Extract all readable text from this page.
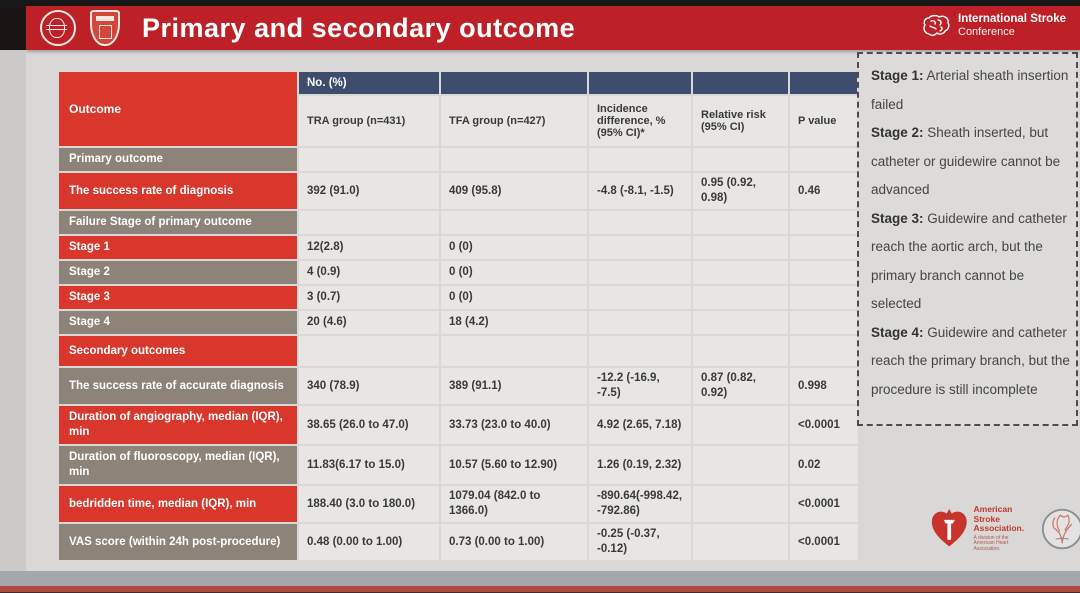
Primary and secondary outcome	International Stroke
Conference
Outcome	No. (%)				
	TRA group (n=431)	TFA group (n=427)	Incidence difference, % (95% CI)*	Relative risk (95% CI)	P value
Primary outcome					
The success rate of diagnosis	392 (91.0)	409 (95.8)	-4.8 (-8.1, -1.5)	0.95 (0.92, 0.98)	0.46
Failure Stage of primary outcome					
Stage 1	12(2.8)	0 (0)			
Stage 2	4 (0.9)	0 (0)			
Stage 3	3 (0.7)	0 (0)			
Stage 4	20 (4.6)	18 (4.2)			
Secondary outcomes					
The success rate of accurate diagnosis	340 (78.9)	389 (91.1)	-12.2 (-16.9, -7.5)	0.87 (0.82, 0.92)	0.998
Duration of angiography, median (IQR), min	38.65 (26.0 to 47.0)	33.73 (23.0 to 40.0)	4.92 (2.65, 7.18)		<0.0001
Duration of fluoroscopy, median (IQR), min	11.83(6.17 to 15.0)	10.57 (5.60 to 12.90)	1.26 (0.19, 2.32)		0.02
bedridden time, median (IQR), min	188.40 (3.0 to 180.0)	1079.04 (842.0 to 1366.0)	-890.64(-998.42, -792.86)		<0.0001
VAS score (within 24h post-procedure)	0.48 (0.00 to 1.00)	0.73 (0.00 to 1.00)	-0.25 (-0.37, -0.12)		<0.0001
Stage 1: Arterial sheath insertion failed
Stage 2: Sheath inserted, but catheter or guidewire cannot be advanced
Stage 3: Guidewire and catheter reach the aortic arch, but the primary branch cannot be selected
Stage 4: Guidewire and catheter reach the primary branch, but the procedure is still incomplete
American
Stroke
Association.
A division of the
American Heart Association.
